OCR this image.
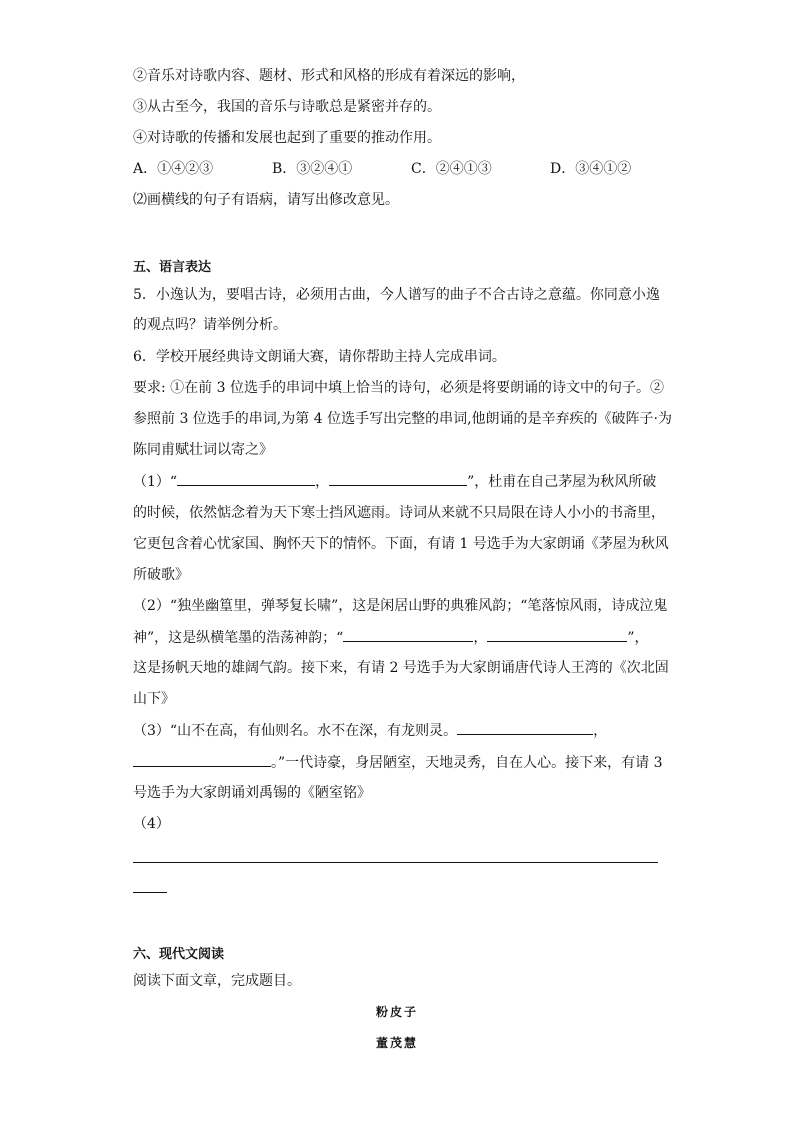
②音乐对诗歌内容、题材、形式和风格的形成有着深远的影响，
③从古至今，我国的音乐与诗歌总是紧密并存的。
④对诗歌的传播和发展也起到了重要的推动作用。
A．①④②③	B．③②④①	C．②④①③	D．③④①②
⑵画横线的句子有语病，请写出修改意见。
五、语言表达
5．小逸认为，要唱古诗，必须用古曲，今人谱写的曲子不合古诗之意蕴。你同意小逸
的观点吗？请举例分析。
6．学校开展经典诗文朗诵大赛，请你帮助主持人完成串词。
要求: ①在前 3 位选手的串词中填上恰当的诗句，必须是将要朗诵的诗文中的句子。②
参照前 3 位选手的串词,为第 4 位选手写出完整的串词,他朗诵的是辛弃疾的《破阵子·为
陈同甫赋壮词以寄之》
（1）“	，	”，杜甫在自己茅屋为秋风所破
的时候，依然惦念着为天下寒士挡风遮雨。诗词从来就不只局限在诗人小小的书斋里，
它更包含着心忧家国、胸怀天下的情怀。下面，有请 1 号选手为大家朗诵《茅屋为秋风
所破歌》
（2）“独坐幽篁里，弹琴复长啸”，这是闲居山野的典雅风韵；“笔落惊风雨，诗成泣鬼
神”，这是纵横笔墨的浩荡神韵；“	，	”，
这是扬帆天地的雄阔气韵。接下来，有请 2 号选手为大家朗诵唐代诗人王湾的《次北固
山下》
（3）“山不在高，有仙则名。水不在深，有龙则灵。	，
。”一代诗豪，身居陋室，天地灵秀，自在人心。接下来，有请 3
号选手为大家朗诵刘禹锡的《陋室铭》
（4）
六、现代文阅读
阅读下面文章，完成题目。
粉皮子
董茂慧
